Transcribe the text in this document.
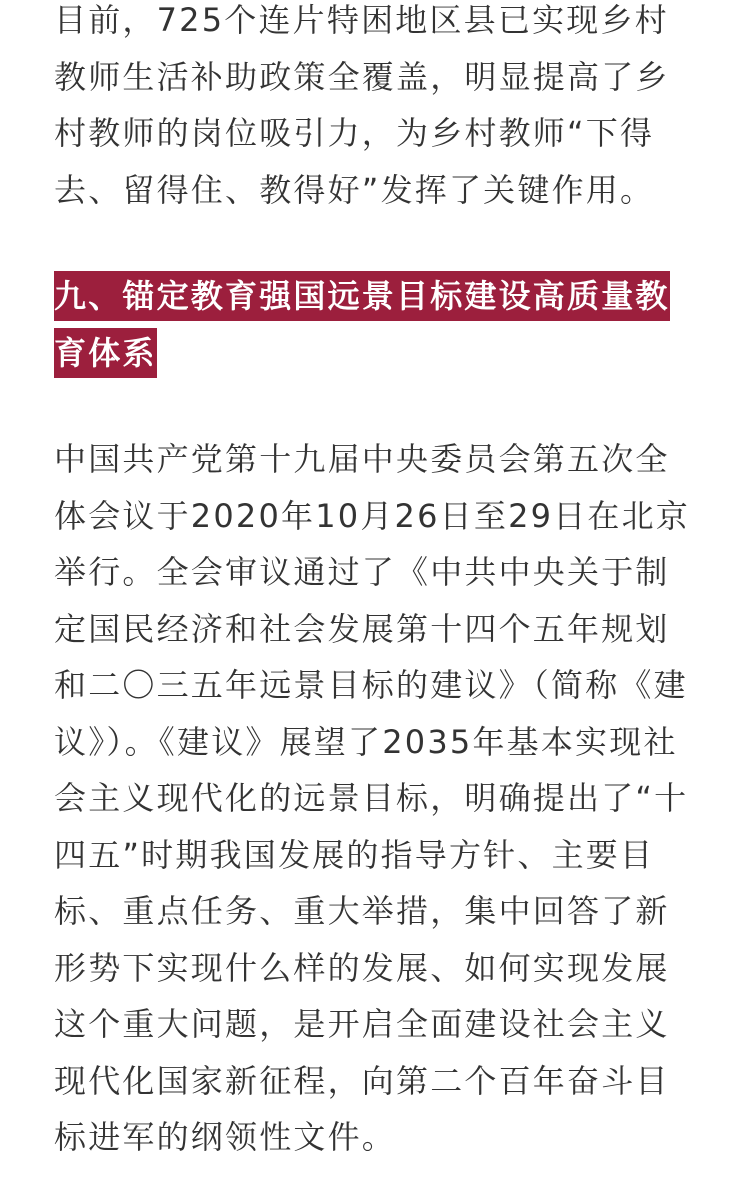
目前，725个连片特困地区县已实现乡村教师生活补助政策全覆盖，明显提高了乡村教师的岗位吸引力，为乡村教师“下得去、留得住、教得好”发挥了关键作用。

九、锚定教育强国远景目标建设高质量教育体系

中国共产党第十九届中央委员会第五次全体会议于2020年10月26日至29日在北京举行。全会审议通过了《中共中央关于制定国民经济和社会发展第十四个五年规划和二〇三五年远景目标的建议》（简称《建议》）。《建议》展望了2035年基本实现社会主义现代化的远景目标，明确提出了“十四五”时期我国发展的指导方针、主要目标、重点任务、重大举措，集中回答了新形势下实现什么样的发展、如何实现发展这个重大问题，是开启全面建设社会主义现代化国家新征程，向第二个百年奋斗目标进军的纲领性文件。
